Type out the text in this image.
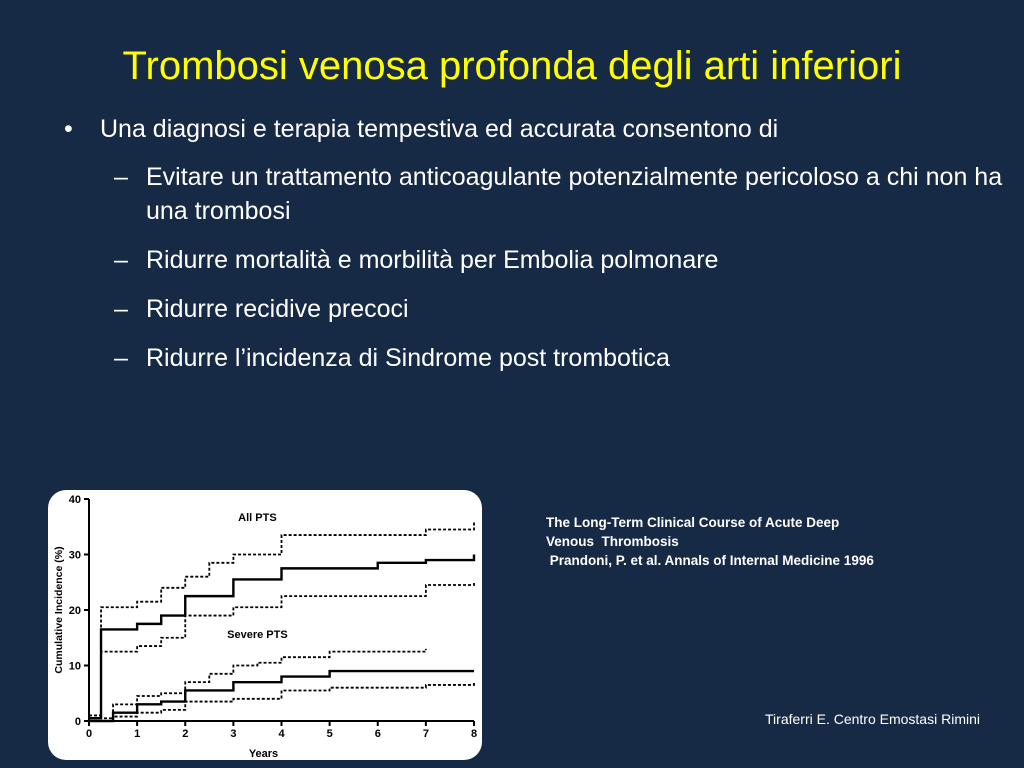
Trombosi venosa profonda degli arti inferiori
• Una diagnosi e terapia tempestiva ed accurata consentono di
– Evitare un trattamento anticoagulante potenzialmente pericoloso a chi non ha una trombosi
– Ridurre mortalità e morbilità per Embolia polmonare
– Ridurre recidive precoci
– Ridurre l’incidenza di Sindrome post trombotica
0
10
20
30
40
0	1	2	3	4	5	6	7	8
Years
Cumulative Incidence (%)
All PTS
Severe PTS
The Long-Term Clinical Course of Acute Deep
Venous  Thrombosis
Prandoni, P. et al. Annals of Internal Medicine 1996
Tiraferri E. Centro Emostasi Rimini
